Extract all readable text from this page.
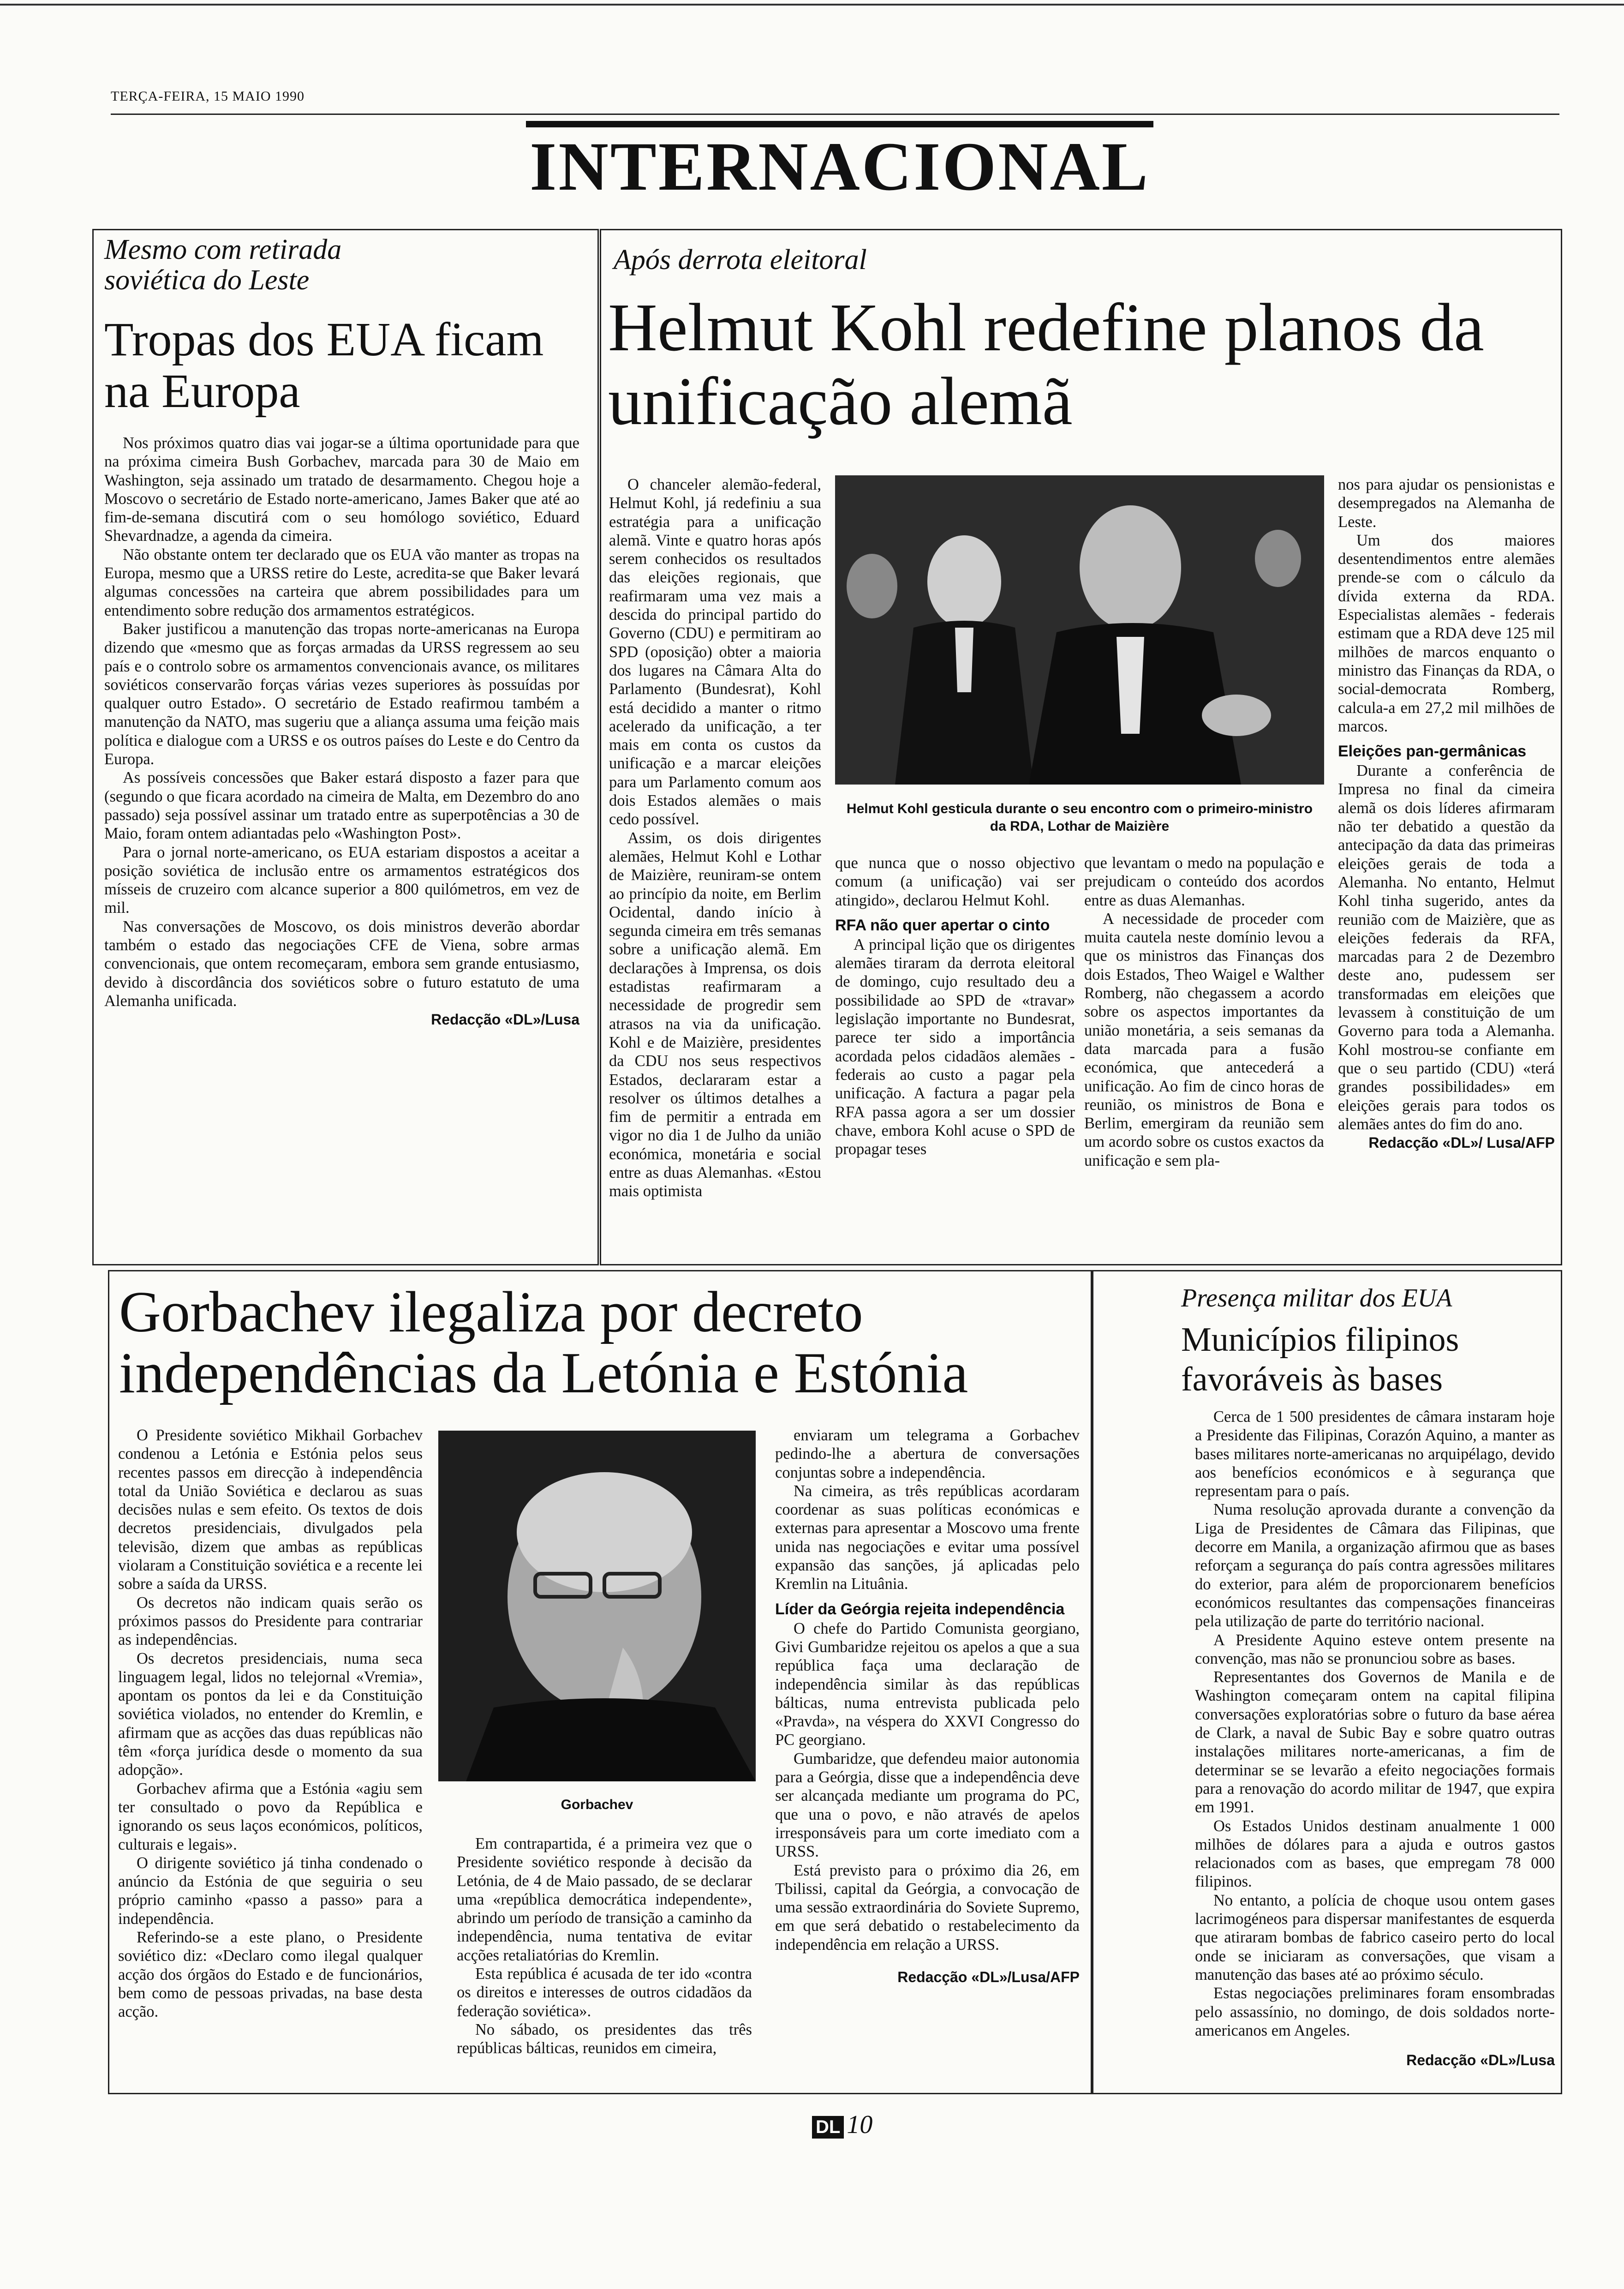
TERÇA-FEIRA, 15 MAIO 1990
INTERNACIONAL
Mesmo com retirada soviética do Leste
Tropas dos EUA ficam na Europa

Nos próximos quatro dias vai jogar-se a última oportunidade para que na próxima cimeira Bush Gorbachev, marcada para 30 de Maio em Washington, seja assinado um tratado de desarmamento. Chegou hoje a Moscovo o secretário de Estado norte-americano, James Baker que até ao fim-de-semana discutirá com o seu homólogo soviético, Eduard Shevardnadze, a agenda da cimeira.

Não obstante ontem ter declarado que os EUA vão manter as tropas na Europa, mesmo que a URSS retire do Leste, acredita-se que Baker levará algumas concessões na carteira que abrem possibilidades para um entendimento sobre redução dos armamentos estratégicos.

Baker justificou a manutenção das tropas norte-americanas na Europa dizendo que «mesmo que as forças armadas da URSS regressem ao seu país e o controlo sobre os armamentos convencionais avance, os militares soviéticos conservarão forças várias vezes superiores às possuídas por qualquer outro Estado». O secretário de Estado reafirmou também a manutenção da NATO, mas sugeriu que a aliança assuma uma feição mais política e dialogue com a URSS e os outros países do Leste e do Centro da Europa.

As possíveis concessões que Baker estará disposto a fazer para que (segundo o que ficara acordado na cimeira de Malta, em Dezembro do ano passado) seja possível assinar um tratado entre as superpotências a 30 de Maio, foram ontem adiantadas pelo «Washington Post».

Para o jornal norte-americano, os EUA estariam dispostos a aceitar a posição soviética de inclusão entre os armamentos estratégicos dos mísseis de cruzeiro com alcance superior a 800 quilómetros, em vez de mil.

Nas conversações de Moscovo, os dois ministros deverão abordar também o estado das negociações CFE de Viena, sobre armas convencionais, que ontem recomeçaram, embora sem grande entusiasmo, devido à discordância dos soviéticos sobre o futuro estatuto de uma Alemanha unificada.

Redacção «DL»/Lusa
Após derrota eleitoral
Helmut Kohl redefine planos da unificação alemã

O chanceler alemão-federal, Helmut Kohl, já redefiniu a sua estratégia para a unificação alemã. Vinte e quatro horas após serem conhecidos os resultados das eleições regionais, que reafirmaram uma vez mais a descida do principal partido do Governo (CDU) e permitiram ao SPD (oposição) obter a maioria dos lugares na Câmara Alta do Parlamento (Bundesrat), Kohl está decidido a manter o ritmo acelerado da unificação, a ter mais em conta os custos da unificação e a marcar eleições para um Parlamento comum aos dois Estados alemães o mais cedo possível.

Assim, os dois dirigentes alemães, Helmut Kohl e Lothar de Maizière, reuniram-se ontem ao princípio da noite, em Berlim Ocidental, dando início à segunda cimeira em três semanas sobre a unificação alemã. Em declarações à Imprensa, os dois estadistas reafirmaram a necessidade de progredir sem atrasos na via da unificação. Kohl e de Maizière, presidentes da CDU nos seus respectivos Estados, declararam estar a resolver os últimos detalhes a fim de permitir a entrada em vigor no dia 1 de Julho da união económica, monetária e social entre as duas Alemanhas. «Estou mais optimista

Helmut Kohl gesticula durante o seu encontro com o primeiro-ministro da RDA, Lothar de Maizière

que nunca que o nosso objectivo comum (a unificação) vai ser atingido», declarou Helmut Kohl.

RFA não quer apertar o cinto

A principal lição que os dirigentes alemães tiraram da derrota eleitoral de domingo, cujo resultado deu a possibilidade ao SPD de «travar» legislação importante no Bundesrat, parece ter sido a importância acordada pelos cidadãos alemães - federais ao custo a pagar pela unificação. A factura a pagar pela RFA passa agora a ser um dossier chave, embora Kohl acuse o SPD de propagar teses

que levantam o medo na população e prejudicam o conteúdo dos acordos entre as duas Alemanhas.

A necessidade de proceder com muita cautela neste domínio levou a que os ministros das Finanças dos dois Estados, Theo Waigel e Walther Romberg, não chegassem a acordo sobre os aspectos importantes da união monetária, a seis semanas da data marcada para a fusão económica, que antecederá a unificação. Ao fim de cinco horas de reunião, os ministros de Bona e Berlim, emergiram da reunião sem um acordo sobre os custos exactos da unificação e sem pla-

nos para ajudar os pensionistas e desempregados na Alemanha de Leste.

Um dos maiores desentendimentos entre alemães prende-se com o cálculo da dívida externa da RDA. Especialistas alemães - federais estimam que a RDA deve 125 mil milhões de marcos enquanto o ministro das Finanças da RDA, o social-democrata Romberg, calcula-a em 27,2 mil milhões de marcos.

Eleições pan-germânicas

Durante a conferência de Impresa no final da cimeira alemã os dois líderes afirmaram não ter debatido a questão da antecipação da data das primeiras eleições gerais de toda a Alemanha. No entanto, Helmut Kohl tinha sugerido, antes da reunião com de Maizière, que as eleições federais da RFA, marcadas para 2 de Dezembro deste ano, pudessem ser transformadas em eleições que levassem à constituição de um Governo para toda a Alemanha. Kohl mostrou-se confiante em que o seu partido (CDU) «terá grandes possibilidades» em eleições gerais para todos os alemães antes do fim do ano.

Redacção «DL»/ Lusa/AFP
Gorbachev ilegaliza por decreto independências da Letónia e Estónia

O Presidente soviético Mikhail Gorbachev condenou a Letónia e Estónia pelos seus recentes passos em direcção à independência total da União Soviética e declarou as suas decisões nulas e sem efeito. Os textos de dois decretos presidenciais, divulgados pela televisão, dizem que ambas as repúblicas violaram a Constituição soviética e a recente lei sobre a saída da URSS.

Os decretos não indicam quais serão os próximos passos do Presidente para contrariar as independências.

Os decretos presidenciais, numa seca linguagem legal, lidos no telejornal «Vremia», apontam os pontos da lei e da Constituição soviética violados, no entender do Kremlin, e afirmam que as acções das duas repúblicas não têm «força jurídica desde o momento da sua adopção».

Gorbachev afirma que a Estónia «agiu sem ter consultado o povo da República e ignorando os seus laços económicos, políticos, culturais e legais».

O dirigente soviético já tinha condenado o anúncio da Estónia de que seguiria o seu próprio caminho «passo a passo» para a independência.

Referindo-se a este plano, o Presidente soviético diz: «Declaro como ilegal qualquer acção dos órgãos do Estado e de funcionários, bem como de pessoas privadas, na base desta acção.

Gorbachev

Em contrapartida, é a primeira vez que o Presidente soviético responde à decisão da Letónia, de 4 de Maio passado, de se declarar uma «república democrática independente», abrindo um período de transição a caminho da independência, numa tentativa de evitar acções retaliatórias do Kremlin.

Esta república é acusada de ter ido «contra os direitos e interesses de outros cidadãos da federação soviética».

No sábado, os presidentes das três repúblicas bálticas, reunidos em cimeira,

enviaram um telegrama a Gorbachev pedindo-lhe a abertura de conversações conjuntas sobre a independência.

Na cimeira, as três repúblicas acordaram coordenar as suas políticas económicas e externas para apresentar a Moscovo uma frente unida nas negociações e evitar uma possível expansão das sanções, já aplicadas pelo Kremlin na Lituânia.

Líder da Geórgia rejeita independência

O chefe do Partido Comunista georgiano, Givi Gumbaridze rejeitou os apelos a que a sua república faça uma declaração de independência similar às das repúblicas bálticas, numa entrevista publicada pelo «Pravda», na véspera do XXVI Congresso do PC georgiano.

Gumbaridze, que defendeu maior autonomia para a Geórgia, disse que a independência deve ser alcançada mediante um programa do PC, que una o povo, e não através de apelos irresponsáveis para um corte imediato com a URSS.

Está previsto para o próximo dia 26, em Tbilissi, capital da Geórgia, a convocação de uma sessão extraordinária do Soviete Supremo, em que será debatido o restabelecimento da independência em relação a URSS.

Redacção «DL»/Lusa/AFP
Presença militar dos EUA
Municípios filipinos favoráveis às bases

Cerca de 1 500 presidentes de câmara instaram hoje a Presidente das Filipinas, Corazón Aquino, a manter as bases militares norte-americanas no arquipélago, devido aos benefícios económicos e à segurança que representam para o país.

Numa resolução aprovada durante a convenção da Liga de Presidentes de Câmara das Filipinas, que decorre em Manila, a organização afirmou que as bases reforçam a segurança do país contra agressões militares do exterior, para além de proporcionarem benefícios económicos resultantes das compensações financeiras pela utilização de parte do território nacional.

A Presidente Aquino esteve ontem presente na convenção, mas não se pronunciou sobre as bases.

Representantes dos Governos de Manila e de Washington começaram ontem na capital filipina conversações exploratórias sobre o futuro da base aérea de Clark, a naval de Subic Bay e sobre quatro outras instalações militares norte-americanas, a fim de determinar se se levarão a efeito negociações formais para a renovação do acordo militar de 1947, que expira em 1991.

Os Estados Unidos destinam anualmente 1 000 milhões de dólares para a ajuda e outros gastos relacionados com as bases, que empregam 78 000 filipinos.

No entanto, a polícia de choque usou ontem gases lacrimogéneos para dispersar manifestantes de esquerda que atiraram bombas de fabrico caseiro perto do local onde se iniciaram as conversações, que visam a manutenção das bases até ao próximo século.

Estas negociações preliminares foram ensombradas pelo assassínio, no domingo, de dois soldados norte-americanos em Angeles.

Redacção «DL»/Lusa
DL 10
